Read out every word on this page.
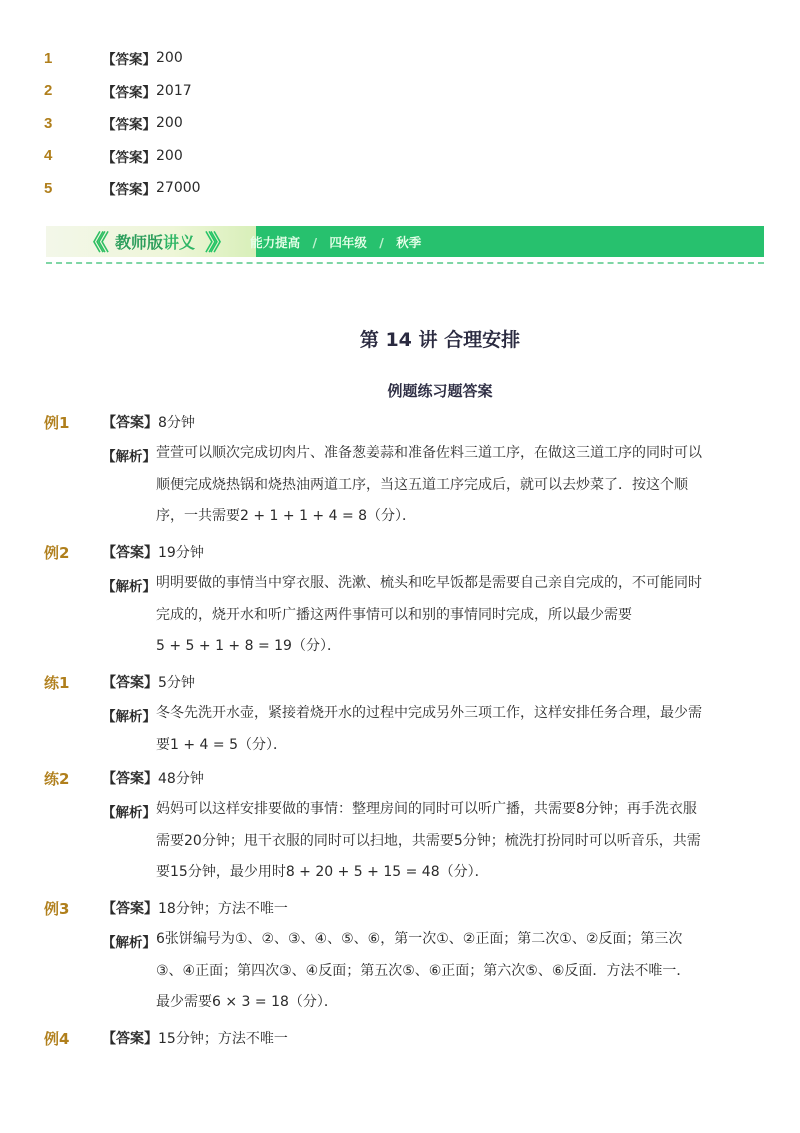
1	【答案】 200
2	【答案】 2017
3	【答案】 200
4	【答案】 200
5	【答案】 27000
《《 教师版讲义 》》 能力提高 / 四年级 / 秋季
第 14 讲 合理安排
例题练习题答案
例1 【答案】8分钟
【解析】 萱萱可以顺次完成切肉片、准备葱姜蒜和准备佐料三道工序，在做这三道工序的同时可以
顺便完成烧热锅和烧热油两道工序，当这五道工序完成后，就可以去炒菜了．按这个顺
序，一共需要2 + 1 + 1 + 4 = 8（分）．
例2 【答案】19分钟
【解析】 明明要做的事情当中穿衣服、洗漱、梳头和吃早饭都是需要自己亲自完成的，不可能同时
完成的，烧开水和听广播这两件事情可以和别的事情同时完成，所以最少需要
5 + 5 + 1 + 8 = 19（分）．
练1 【答案】5分钟
【解析】 冬冬先洗开水壶，紧接着烧开水的过程中完成另外三项工作，这样安排任务合理，最少需
要1 + 4 = 5（分）．
练2 【答案】48分钟
【解析】 妈妈可以这样安排要做的事情：整理房间的同时可以听广播，共需要8分钟；再手洗衣服
需要20分钟；甩干衣服的同时可以扫地，共需要5分钟；梳洗打扮同时可以听音乐，共需
要15分钟，最少用时8 + 20 + 5 + 15 = 48（分）．
例3 【答案】18分钟；方法不唯一
【解析】 6张饼编号为①、②、③、④、⑤、⑥，第一次①、②正面；第二次①、②反面；第三次
③、④正面；第四次③、④反面；第五次⑤、⑥正面；第六次⑤、⑥反面．方法不唯一．
最少需要6 × 3 = 18（分）．
例4 【答案】15分钟；方法不唯一
